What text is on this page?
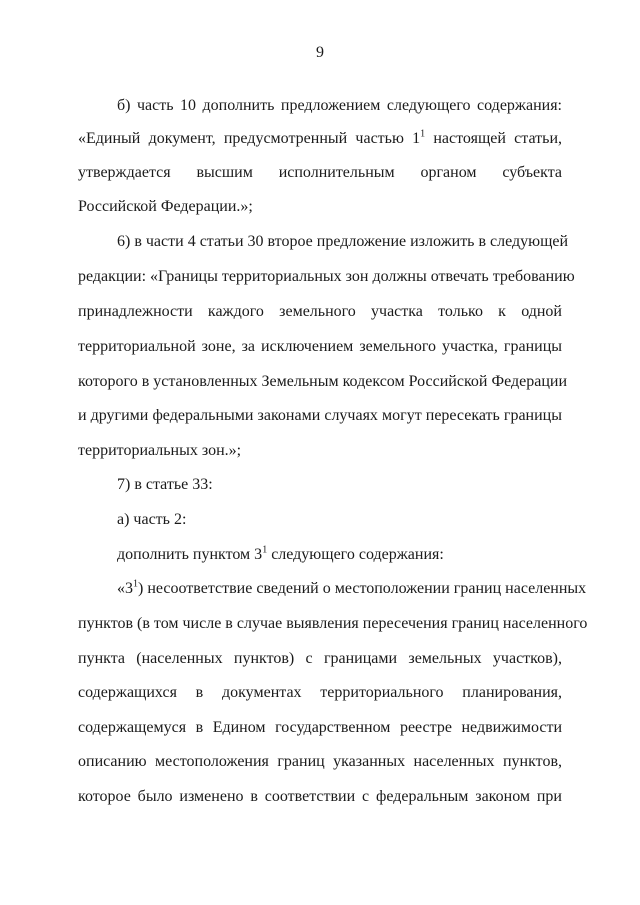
9
б) часть 10 дополнить предложением следующего содержания:
«Единый документ, предусмотренный частью $1^1$ настоящей статьи,
утверждается высшим исполнительным органом субъекта
Российской Федерации.»;
6) в части 4 статьи 30 второе предложение изложить в следующей
редакции: «Границы территориальных зон должны отвечать требованию
принадлежности каждого земельного участка только к одной
территориальной зоне, за исключением земельного участка, границы
которого в установленных Земельным кодексом Российской Федерации
и другими федеральными законами случаях могут пересекать границы
территориальных зон.»;
7) в статье 33:
а) часть 2:
дополнить пунктом $3^1$ следующего содержания:
«$3^1$) несоответствие сведений о местоположении границ населенных
пунктов (в том числе в случае выявления пересечения границ населенного
пункта (населенных пунктов) с границами земельных участков),
содержащихся в документах территориального планирования,
содержащемуся в Едином государственном реестре недвижимости
описанию местоположения границ указанных населенных пунктов,
которое было изменено в соответствии с федеральным законом при
